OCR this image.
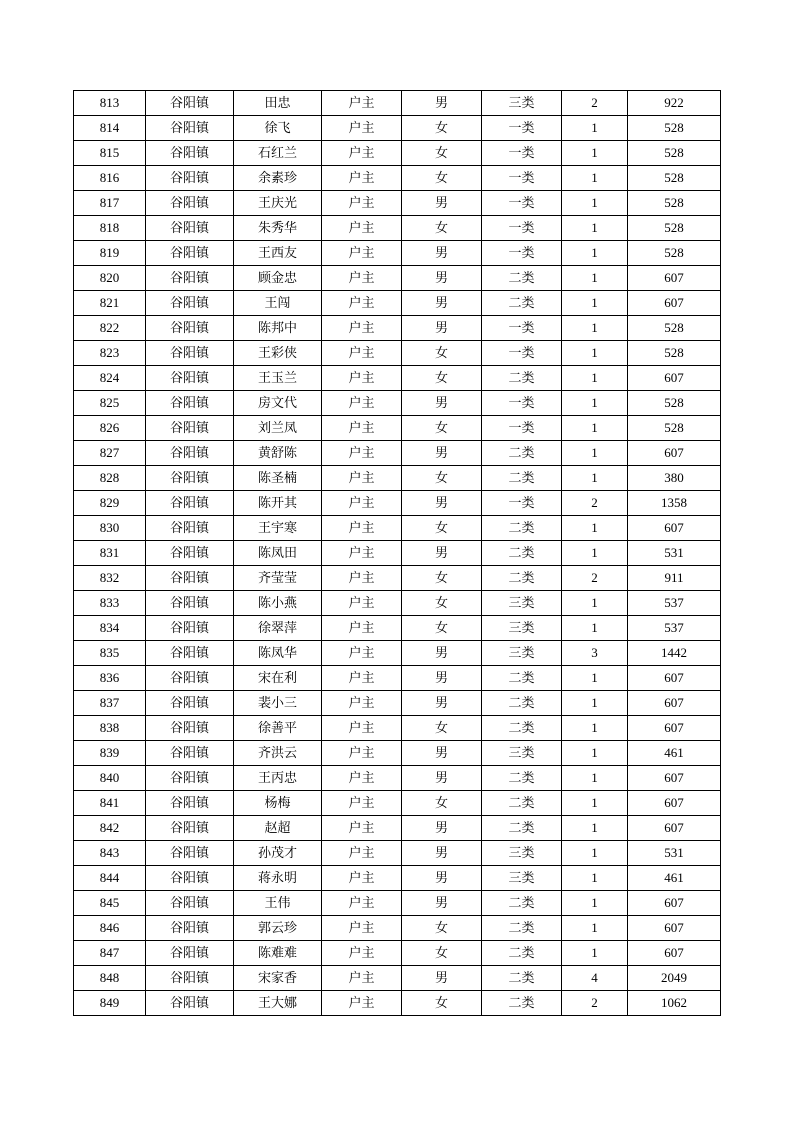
813	谷阳镇	田忠	户主	男	三类	2	922
814	谷阳镇	徐飞	户主	女	一类	1	528
815	谷阳镇	石红兰	户主	女	一类	1	528
816	谷阳镇	余素珍	户主	女	一类	1	528
817	谷阳镇	王庆光	户主	男	一类	1	528
818	谷阳镇	朱秀华	户主	女	一类	1	528
819	谷阳镇	王西友	户主	男	一类	1	528
820	谷阳镇	顾金忠	户主	男	二类	1	607
821	谷阳镇	王闯	户主	男	二类	1	607
822	谷阳镇	陈邦中	户主	男	一类	1	528
823	谷阳镇	王彩侠	户主	女	一类	1	528
824	谷阳镇	王玉兰	户主	女	二类	1	607
825	谷阳镇	房文代	户主	男	一类	1	528
826	谷阳镇	刘兰凤	户主	女	一类	1	528
827	谷阳镇	黄舒陈	户主	男	二类	1	607
828	谷阳镇	陈圣楠	户主	女	二类	1	380
829	谷阳镇	陈开其	户主	男	一类	2	1358
830	谷阳镇	王宇寒	户主	女	二类	1	607
831	谷阳镇	陈凤田	户主	男	二类	1	531
832	谷阳镇	齐莹莹	户主	女	二类	2	911
833	谷阳镇	陈小燕	户主	女	三类	1	537
834	谷阳镇	徐翠萍	户主	女	三类	1	537
835	谷阳镇	陈凤华	户主	男	三类	3	1442
836	谷阳镇	宋在利	户主	男	二类	1	607
837	谷阳镇	裴小三	户主	男	二类	1	607
838	谷阳镇	徐善平	户主	女	二类	1	607
839	谷阳镇	齐洪云	户主	男	三类	1	461
840	谷阳镇	王丙忠	户主	男	二类	1	607
841	谷阳镇	杨梅	户主	女	二类	1	607
842	谷阳镇	赵超	户主	男	二类	1	607
843	谷阳镇	孙茂才	户主	男	三类	1	531
844	谷阳镇	蒋永明	户主	男	三类	1	461
845	谷阳镇	王伟	户主	男	二类	1	607
846	谷阳镇	郭云珍	户主	女	二类	1	607
847	谷阳镇	陈难难	户主	女	二类	1	607
848	谷阳镇	宋家香	户主	男	二类	4	2049
849	谷阳镇	王大娜	户主	女	二类	2	1062
